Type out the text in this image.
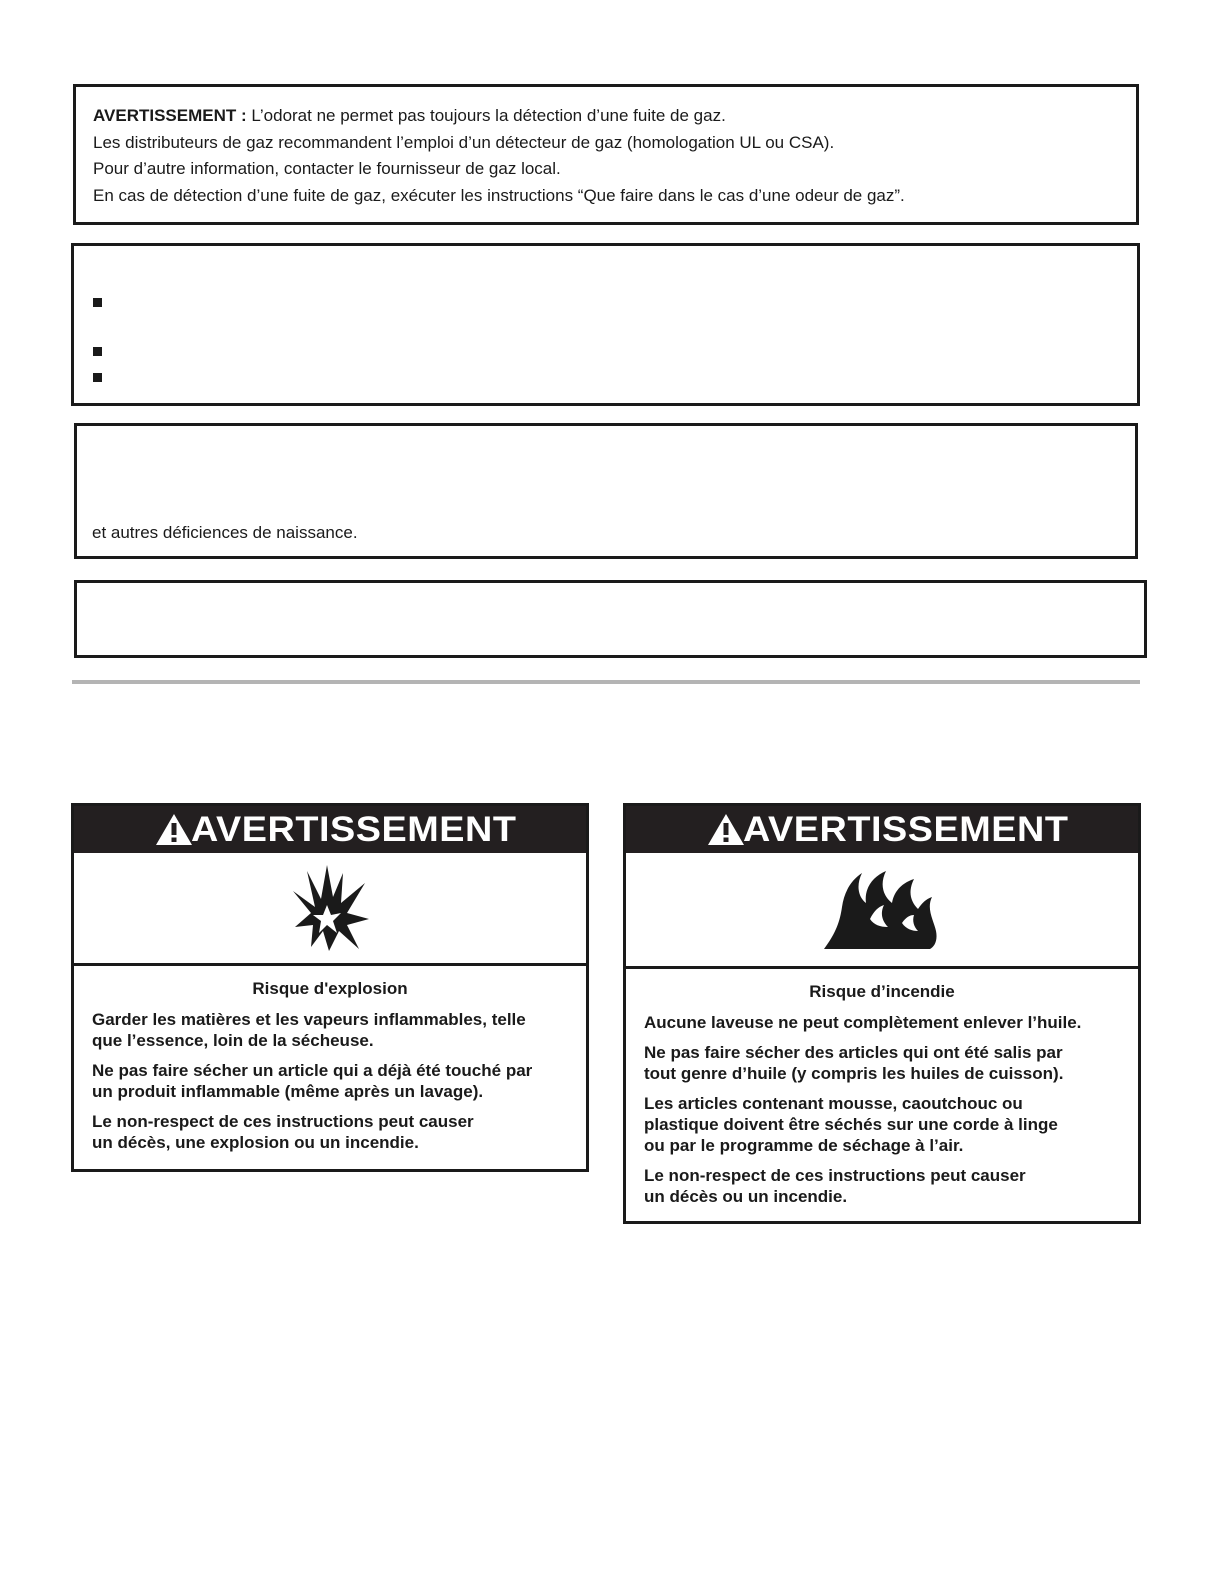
AVERTISSEMENT : L’odorat ne permet pas toujours la détection d’une fuite de gaz.

Les distributeurs de gaz recommandent l’emploi d’un détecteur de gaz (homologation UL ou CSA).

Pour d’autre information, contacter le fournisseur de gaz local.

En cas de détection d’une fuite de gaz, exécuter les instructions “Que faire dans le cas d’une odeur de gaz”.

et autres déficiences de naissance.

AVERTISSEMENT
Risque d'explosion

Garder les matières et les vapeurs inflammables, telle
que l’essence, loin de la sécheuse.

Ne pas faire sécher un article qui a déjà été touché par
un produit inflammable (même après un lavage).

Le non-respect de ces instructions peut causer
un décès, une explosion ou un incendie.

AVERTISSEMENT
Risque d’incendie

Aucune laveuse ne peut complètement enlever l’huile.

Ne pas faire sécher des articles qui ont été salis par
tout genre d’huile (y compris les huiles de cuisson).

Les articles contenant mousse, caoutchouc ou
plastique doivent être séchés sur une corde à linge
ou par le programme de séchage à l’air.

Le non-respect de ces instructions peut causer
un décès ou un incendie.
